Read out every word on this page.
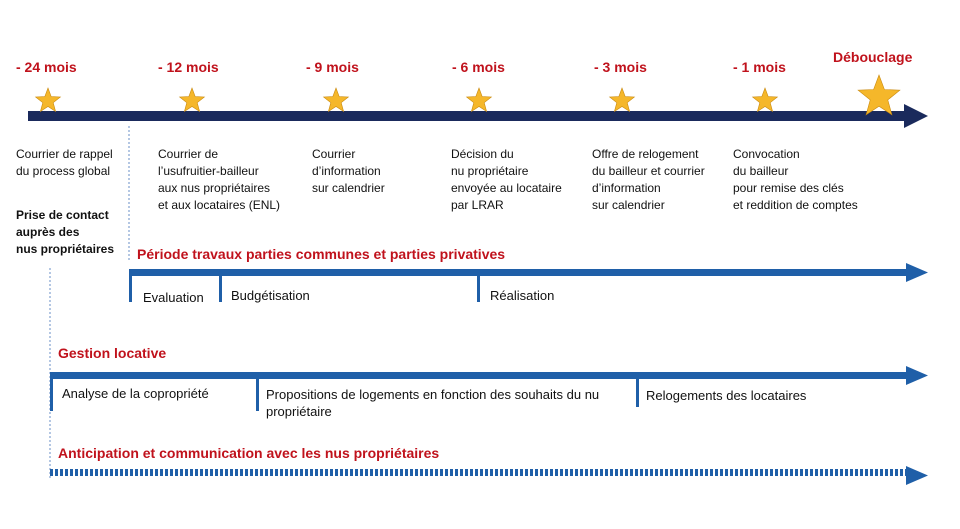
- 24 mois
Courrier de rappel
du process global
- 12 mois
Courrier de
l’usufruitier-bailleur
aux nus propriétaires
et aux locataires (ENL)
- 9 mois
Courrier
d’information
sur calendrier
- 6 mois
Décision du
nu propriétaire
envoyée au locataire
par LRAR
- 3 mois
Offre de relogement
du bailleur et courrier
d’information
sur calendrier
- 1 mois
Convocation
du bailleur
pour remise des clés
et reddition de comptes
Débouclage
Prise de contact
auprès des
nus propriétaires Période travaux parties communes et parties privatives
Evaluation Budgétisation	Réalisation
Gestion locative
Analyse de la copropriété	Propositions de logements en fonction des souhaits du nu propriétaire
Relogements des locataires
Anticipation et communication avec les nus propriétaires
